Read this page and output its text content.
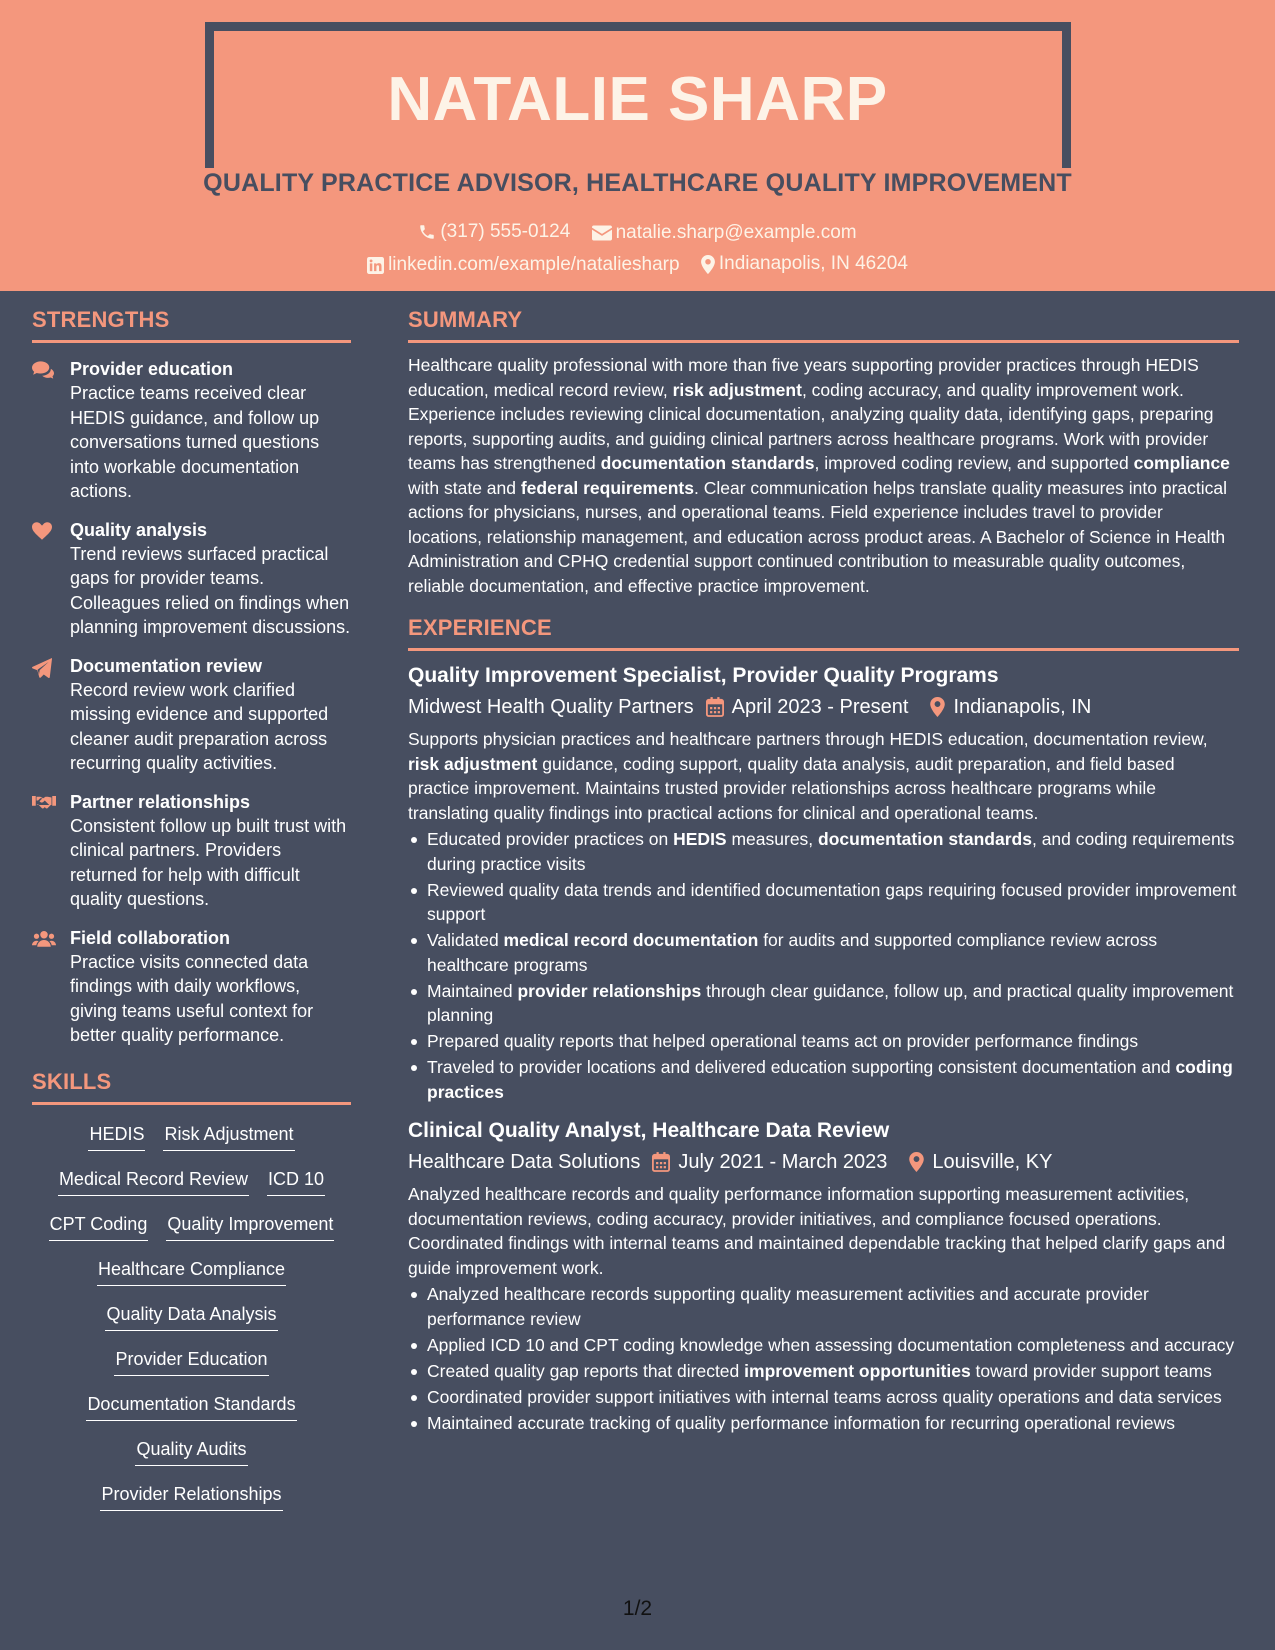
NATALIE SHARP
QUALITY PRACTICE ADVISOR, HEALTHCARE QUALITY IMPROVEMENT
(317) 555-0124
natalie.sharp@example.com
linkedin.com/example/nataliesharp
Indianapolis, IN 46204
STRENGTHS
Provider education
Practice teams received clear HEDIS guidance, and follow up conversations turned questions into workable documentation actions.
Quality analysis
Trend reviews surfaced practical gaps for provider teams. Colleagues relied on findings when planning improvement discussions.
Documentation review
Record review work clarified missing evidence and supported cleaner audit preparation across recurring quality activities.
Partner relationships
Consistent follow up built trust with clinical partners. Providers returned for help with difficult quality questions.
Field collaboration
Practice visits connected data findings with daily workflows, giving teams useful context for better quality performance.
SKILLS
HEDIS Risk Adjustment
Medical Record Review ICD 10
CPT Coding Quality Improvement
Healthcare Compliance
Quality Data Analysis
Provider Education
Documentation Standards
Quality Audits
Provider Relationships
SUMMARY
Healthcare quality professional with more than five years supporting provider practices through HEDIS education, medical record review, risk adjustment, coding accuracy, and quality improvement work. Experience includes reviewing clinical documentation, analyzing quality data, identifying gaps, preparing reports, supporting audits, and guiding clinical partners across healthcare programs. Work with provider teams has strengthened documentation standards, improved coding review, and supported compliance with state and federal requirements. Clear communication helps translate quality measures into practical actions for physicians, nurses, and operational teams. Field experience includes travel to provider locations, relationship management, and education across product areas. A Bachelor of Science in Health Administration and CPHQ credential support continued contribution to measurable quality outcomes, reliable documentation, and effective practice improvement.
EXPERIENCE
Quality Improvement Specialist, Provider Quality Programs
Midwest Health Quality Partners April 2023 - Present Indianapolis, IN
Supports physician practices and healthcare partners through HEDIS education, documentation review, risk adjustment guidance, coding support, quality data analysis, audit preparation, and field based practice improvement. Maintains trusted provider relationships across healthcare programs while translating quality findings into practical actions for clinical and operational teams.
Educated provider practices on HEDIS measures, documentation standards, and coding requirements during practice visits
Reviewed quality data trends and identified documentation gaps requiring focused provider improvement support
Validated medical record documentation for audits and supported compliance review across healthcare programs
Maintained provider relationships through clear guidance, follow up, and practical quality improvement planning
Prepared quality reports that helped operational teams act on provider performance findings
Traveled to provider locations and delivered education supporting consistent documentation and coding practices
Clinical Quality Analyst, Healthcare Data Review
Healthcare Data Solutions July 2021 - March 2023 Louisville, KY
Analyzed healthcare records and quality performance information supporting measurement activities, documentation reviews, coding accuracy, provider initiatives, and compliance focused operations. Coordinated findings with internal teams and maintained dependable tracking that helped clarify gaps and guide improvement work.
Analyzed healthcare records supporting quality measurement activities and accurate provider performance review
Applied ICD 10 and CPT coding knowledge when assessing documentation completeness and accuracy
Created quality gap reports that directed improvement opportunities toward provider support teams
Coordinated provider support initiatives with internal teams across quality operations and data services
Maintained accurate tracking of quality performance information for recurring operational reviews
1/2
